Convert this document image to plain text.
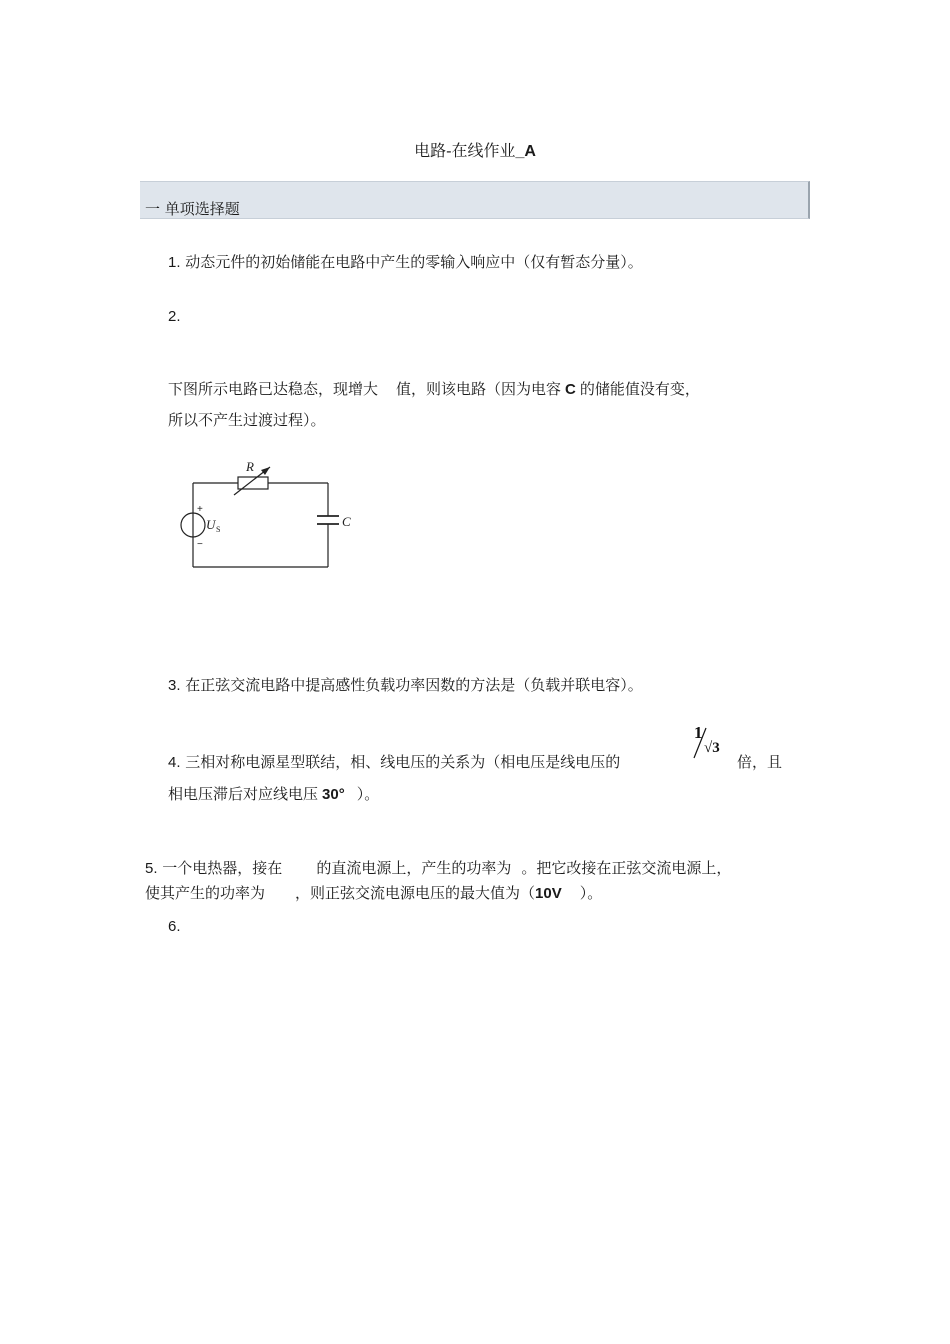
电路-在线作业_A
一 单项选择题
1. 动态元件的初始储能在电路中产生的零输入响应中（仅有暂态分量）。
2.
下图所示电路已达稳态，现增大 值，则该电路（因为电容 C 的储能值没有变，
所以不产生过渡过程）。
R
C
U S
+
−
3. 在正弦交流电路中提高感性负载功率因数的方法是（负载并联电容）。
4. 三相对称电源星型联结，相、线电压的关系为（相电压是线电压的
1
√3
倍，且
相电压滞后对应线电压 30° ）。
5. 一个电热器，接在 的直流电源上，产生的功率为 。把它改接在正弦交流电源上，
使其产生的功率为 ，则正弦交流电源电压的最大值为（10V ）。
6.
